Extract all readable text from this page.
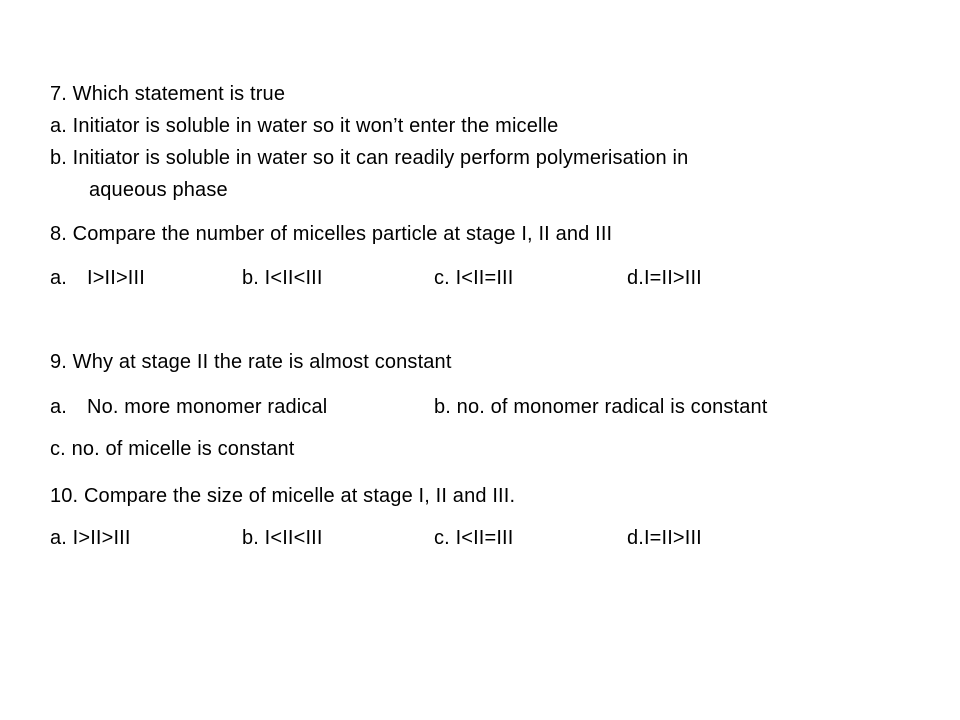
7. Which statement is true
a. Initiator is soluble in water so it won’t enter the micelle
b. Initiator is soluble in water so it can readily perform polymerisation in
aqueous phase
8. Compare the number of micelles particle at stage I, II and III
a. I>II>III	b. I<II<III	c. I<II=III	d.I=II>III
9. Why at stage II the rate is almost constant
a. No. more monomer radical	b. no. of monomer radical is constant
c. no. of micelle is constant
10. Compare the size of micelle at stage I, II and III.
a. I>II>III	b. I<II<III	c. I<II=III	d.I=II>III
